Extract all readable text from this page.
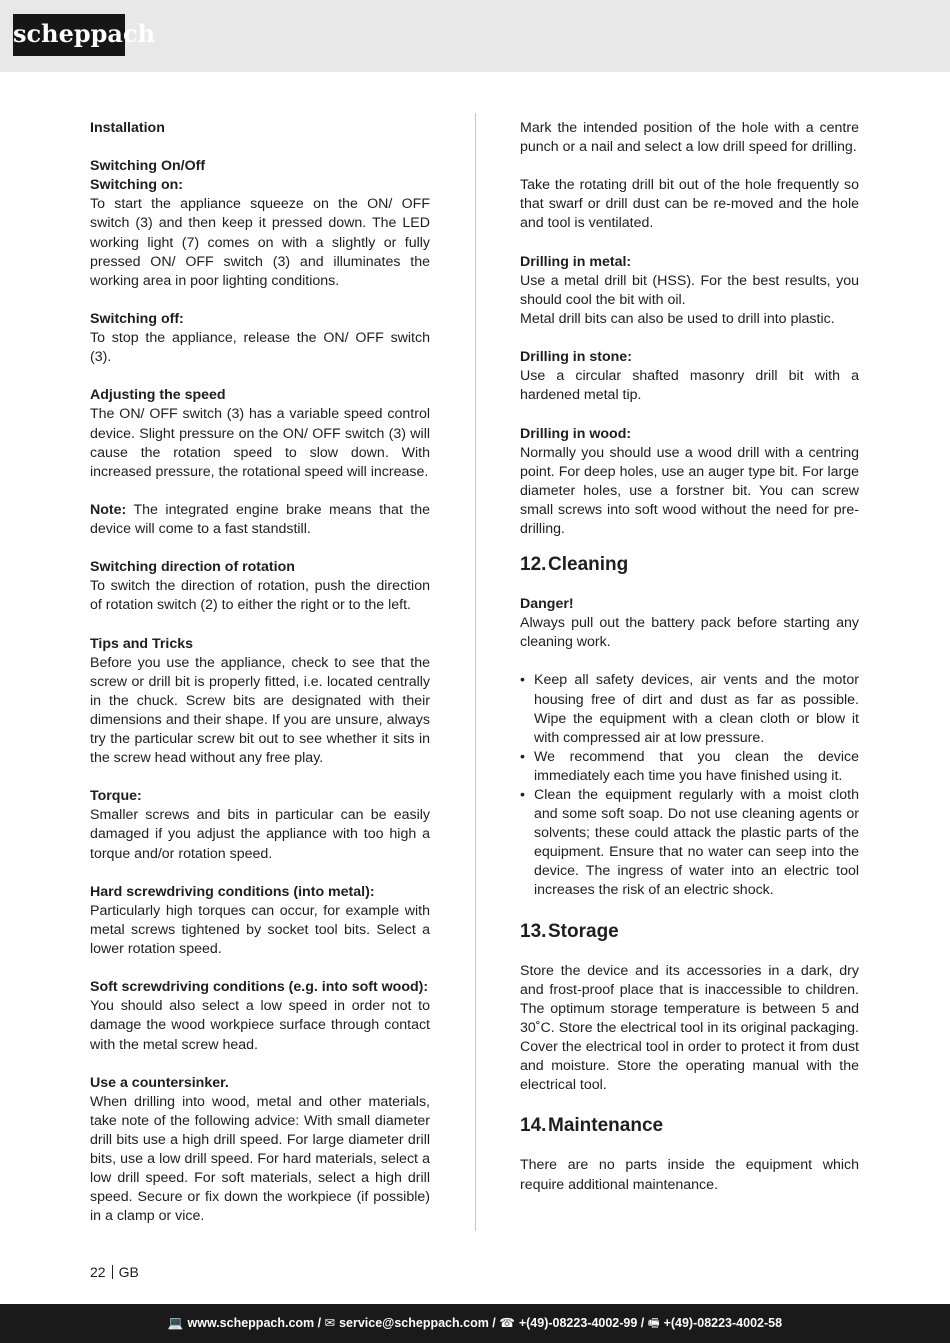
scheppach

Installation

Switching On/Off
Switching on:
To start the appliance squeeze on the ON/ OFF switch (3) and then keep it pressed down. The LED working light (7) comes on with a slightly or fully pressed ON/ OFF switch (3) and illuminates the working area in poor lighting conditions.

Switching off:
To stop the appliance, release the ON/ OFF switch (3).

Adjusting the speed
The ON/ OFF switch (3) has a variable speed control device. Slight pressure on the ON/ OFF switch (3) will cause the rotation speed to slow down. With increased pressure, the rotational speed will increase.

Note: The integrated engine brake means that the device will come to a fast standstill.

Switching direction of rotation
To switch the direction of rotation, push the direction of rotation switch (2) to either the right or to the left.

Tips and Tricks
Before you use the appliance, check to see that the screw or drill bit is properly fitted, i.e. located centrally in the chuck. Screw bits are designated with their dimensions and their shape. If you are unsure, always try the particular screw bit out to see whether it sits in the screw head without any free play.

Torque:
Smaller screws and bits in particular can be easily damaged if you adjust the appliance with too high a torque and/or rotation speed.

Hard screwdriving conditions (into metal):
Particularly high torques can occur, for example with metal screws tightened by socket tool bits. Select a lower rotation speed.

Soft screwdriving conditions (e.g. into soft wood):
You should also select a low speed in order not to damage the wood workpiece surface through contact with the metal screw head.

Use a countersinker.
When drilling into wood, metal and other materials, take note of the following advice: With small diameter drill bits use a high drill speed. For large diameter drill bits, use a low drill speed. For hard materials, select a low drill speed. For soft materials, select a high drill speed. Secure or fix down the workpiece (if possible) in a clamp or vice.

Mark the intended position of the hole with a centre punch or a nail and select a low drill speed for drilling.

Take the rotating drill bit out of the hole frequently so that swarf or drill dust can be re-moved and the hole and tool is ventilated.

Drilling in metal:
Use a metal drill bit (HSS). For the best results, you should cool the bit with oil.
Metal drill bits can also be used to drill into plastic.

Drilling in stone:
Use a circular shafted masonry drill bit with a hardened metal tip.

Drilling in wood:
Normally you should use a wood drill with a centring point. For deep holes, use an auger type bit. For large diameter holes, use a forstner bit. You can screw small screws into soft wood without the need for pre-drilling.

12.Cleaning

Danger!
Always pull out the battery pack before starting any cleaning work.

• Keep all safety devices, air vents and the motor housing free of dirt and dust as far as possible. Wipe the equipment with a clean cloth or blow it with compressed air at low pressure.
• We recommend that you clean the device immediately each time you have finished using it.
• Clean the equipment regularly with a moist cloth and some soft soap. Do not use cleaning agents or solvents; these could attack the plastic parts of the equipment. Ensure that no water can seep into the device. The ingress of water into an electric tool increases the risk of an electric shock.
13.Storage

Store the device and its accessories in a dark, dry and frost-proof place that is inaccessible to children. The optimum storage temperature is between 5 and 30˚C. Store the electrical tool in its original packaging. Cover the electrical tool in order to protect it from dust and moisture. Store the operating manual with the electrical tool.

14.Maintenance

There are no parts inside the equipment which require additional maintenance.

22 GB
💻 www.scheppach.com / ✉ service@scheppach.com / ☎ +(49)-08223-4002-99 / 🖷 +(49)-08223-4002-58
